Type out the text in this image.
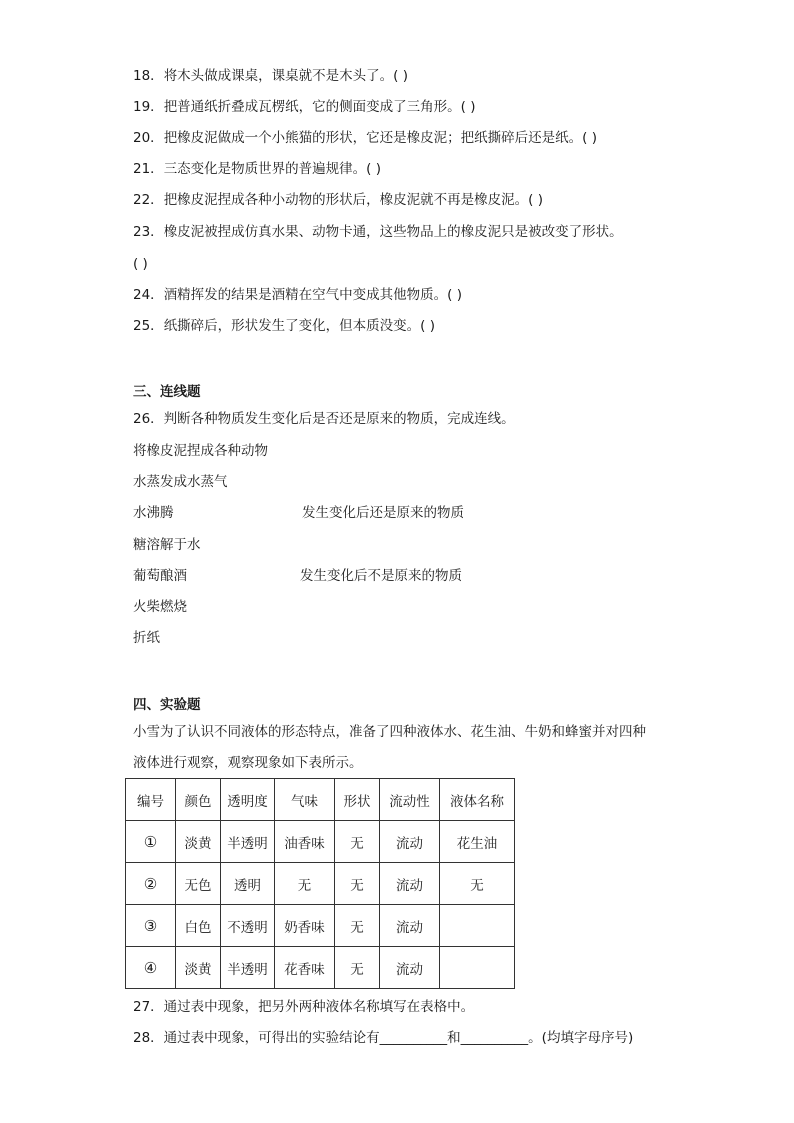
18．将木头做成课桌，课桌就不是木头了。( )
19．把普通纸折叠成瓦楞纸，它的侧面变成了三角形。( )
20．把橡皮泥做成一个小熊猫的形状，它还是橡皮泥；把纸撕碎后还是纸。( )
21．三态变化是物质世界的普遍规律。( )
22．把橡皮泥捏成各种小动物的形状后，橡皮泥就不再是橡皮泥。( )
23．橡皮泥被捏成仿真水果、动物卡通，这些物品上的橡皮泥只是被改变了形状。
( )
24．酒精挥发的结果是酒精在空气中变成其他物质。( )
25．纸撕碎后，形状发生了变化，但本质没变。( )
三、连线题
26．判断各种物质发生变化后是否还是原来的物质，完成连线。
将橡皮泥捏成各种动物
水蒸发成水蒸气
水沸腾
糖溶解于水
葡萄酿酒
火柴燃烧
折纸
发生变化后还是原来的物质
发生变化后不是原来的物质
四、实验题
小雪为了认识不同液体的形态特点，准备了四种液体水、花生油、牛奶和蜂蜜并对四种
液体进行观察，观察现象如下表所示。
编号	颜色	透明度	气味	形状	流动性	液体名称
①	淡黄	半透明	油香味	无	流动	花生油
②	无色	透明	无	无	流动	无
③	白色	不透明	奶香味	无	流动	
④	淡黄	半透明	花香味	无	流动	
27．通过表中现象，把另外两种液体名称填写在表格中。
28．通过表中现象，可得出的实验结论有__________和__________。(均填字母序号)
